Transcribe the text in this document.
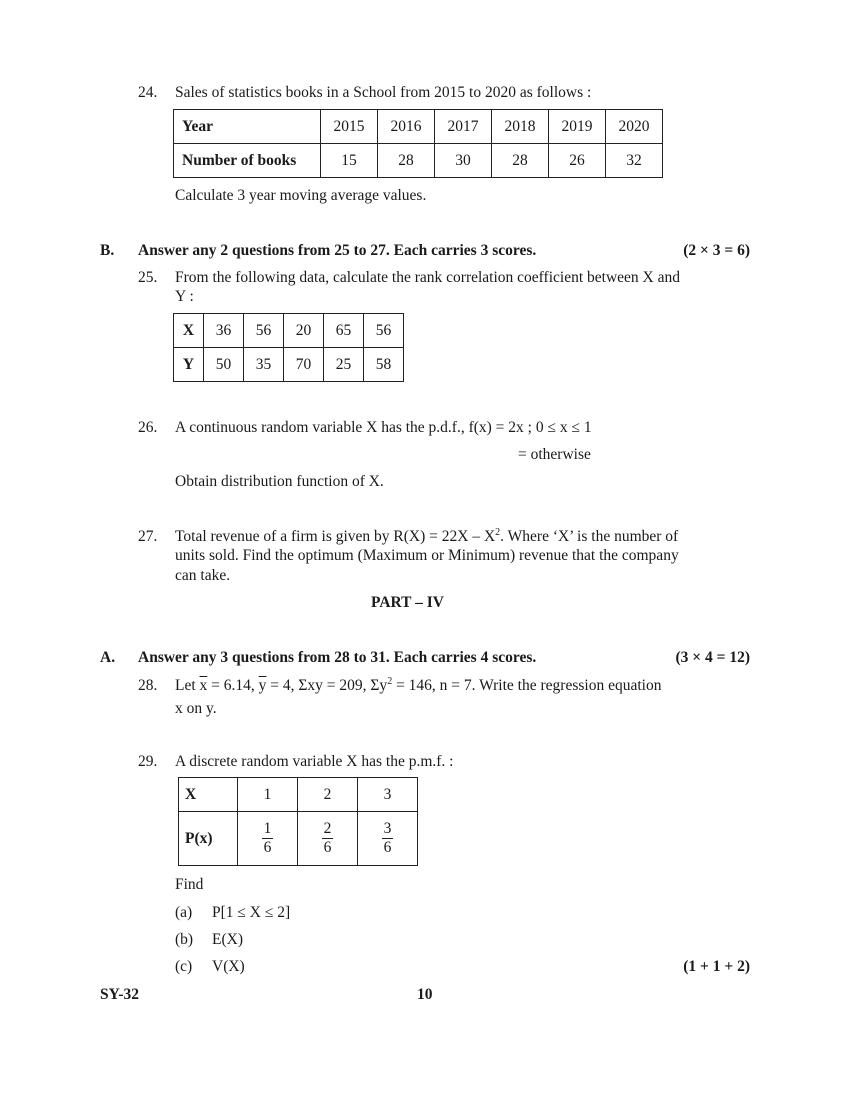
24. Sales of statistics books in a School from 2015 to 2020 as follows :
Year	2015	2016	2017	2018	2019	2020
Number of books	15	28	30	28	26	32
Calculate 3 year moving average values.
B. Answer any 2 questions from 25 to 27. Each carries 3 scores.	(2 × 3 = 6)
25. From the following data, calculate the rank correlation coefficient between X and
Y :
X	36	56	20	65	56
Y	50	35	70	25	58
26. A continuous random variable X has the p.d.f., f(x) = 2x ; 0 ≤ x ≤ 1
= otherwise
Obtain distribution function of X.
27. Total revenue of a firm is given by $R(X) = 22X - X^2$. Where ‘X’ is the number of
units sold. Find the optimum (Maximum or Minimum) revenue that the company
can take.
PART – IV
A. Answer any 3 questions from 28 to 31. Each carries 4 scores.	(3 × 4 = 12)
28. Let $\overline{x} = 6.14$, $\overline{y} = 4$, Σxy = 209, $\Sigma y^2 = 146$, n = 7. Write the regression equation
x on y.
29. A discrete random variable X has the p.m.f. :
X	1	2	3
P(x)	$\frac{1}{6}$	$\frac{2}{6}$	$\frac{3}{6}$
Find
(a) P[1 ≤ X ≤ 2]
(b) E(X)
(c) V(X)	(1 + 1 + 2)
SY-32	10
